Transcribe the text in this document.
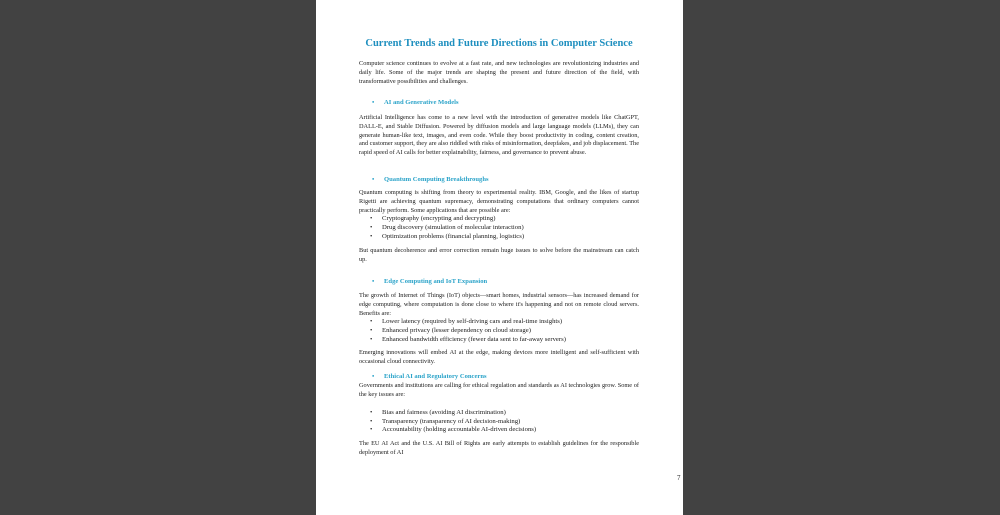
Current Trends and Future Directions in Computer Science

Computer science continues to evolve at a fast rate, and new technologies are revolutionizing industries and daily life. Some of the major trends are shaping the present and future direction of the field, with transformative possibilities and challenges.

• AI and Generative Models

Artificial Intelligence has come to a new level with the introduction of generative models like ChatGPT, DALL-E, and Stable Diffusion. Powered by diffusion models and large language models (LLMs), they can generate human-like text, images, and even code. While they boost productivity in coding, content creation, and customer support, they are also riddled with risks of misinformation, deepfakes, and job displacement. The rapid speed of AI calls for better explainability, fairness, and governance to prevent abuse.

• Quantum Computing Breakthroughs

Quantum computing is shifting from theory to experimental reality. IBM, Google, and the likes of startup Rigetti are achieving quantum supremacy, demonstrating computations that ordinary computers cannot practically perform. Some applications that are possible are:

• Cryptography (encrypting and decrypting)
• Drug discovery (simulation of molecular interaction)
• Optimization problems (financial planning, logistics)

But quantum decoherence and error correction remain huge issues to solve before the mainstream can catch up.

• Edge Computing and IoT Expansion

The growth of Internet of Things (IoT) objects—smart homes, industrial sensors—has increased demand for edge computing, where computation is done close to where it's happening and not on remote cloud servers. Benefits are:

• Lower latency (required by self-driving cars and real-time insights)
• Enhanced privacy (lesser dependency on cloud storage)
• Enhanced bandwidth efficiency (fewer data sent to far-away servers)

Emerging innovations will embed AI at the edge, making devices more intelligent and self-sufficient with occasional cloud connectivity.

• Ethical AI and Regulatory Concerns

Governments and institutions are calling for ethical regulation and standards as AI technologies grow. Some of the key issues are:

• Bias and fairness (avoiding AI discrimination)
• Transparency (transparency of AI decision-making)
• Accountability (holding accountable AI-driven decisions)

The EU AI Act and the U.S. AI Bill of Rights are early attempts to establish guidelines for the responsible deployment of AI

7
